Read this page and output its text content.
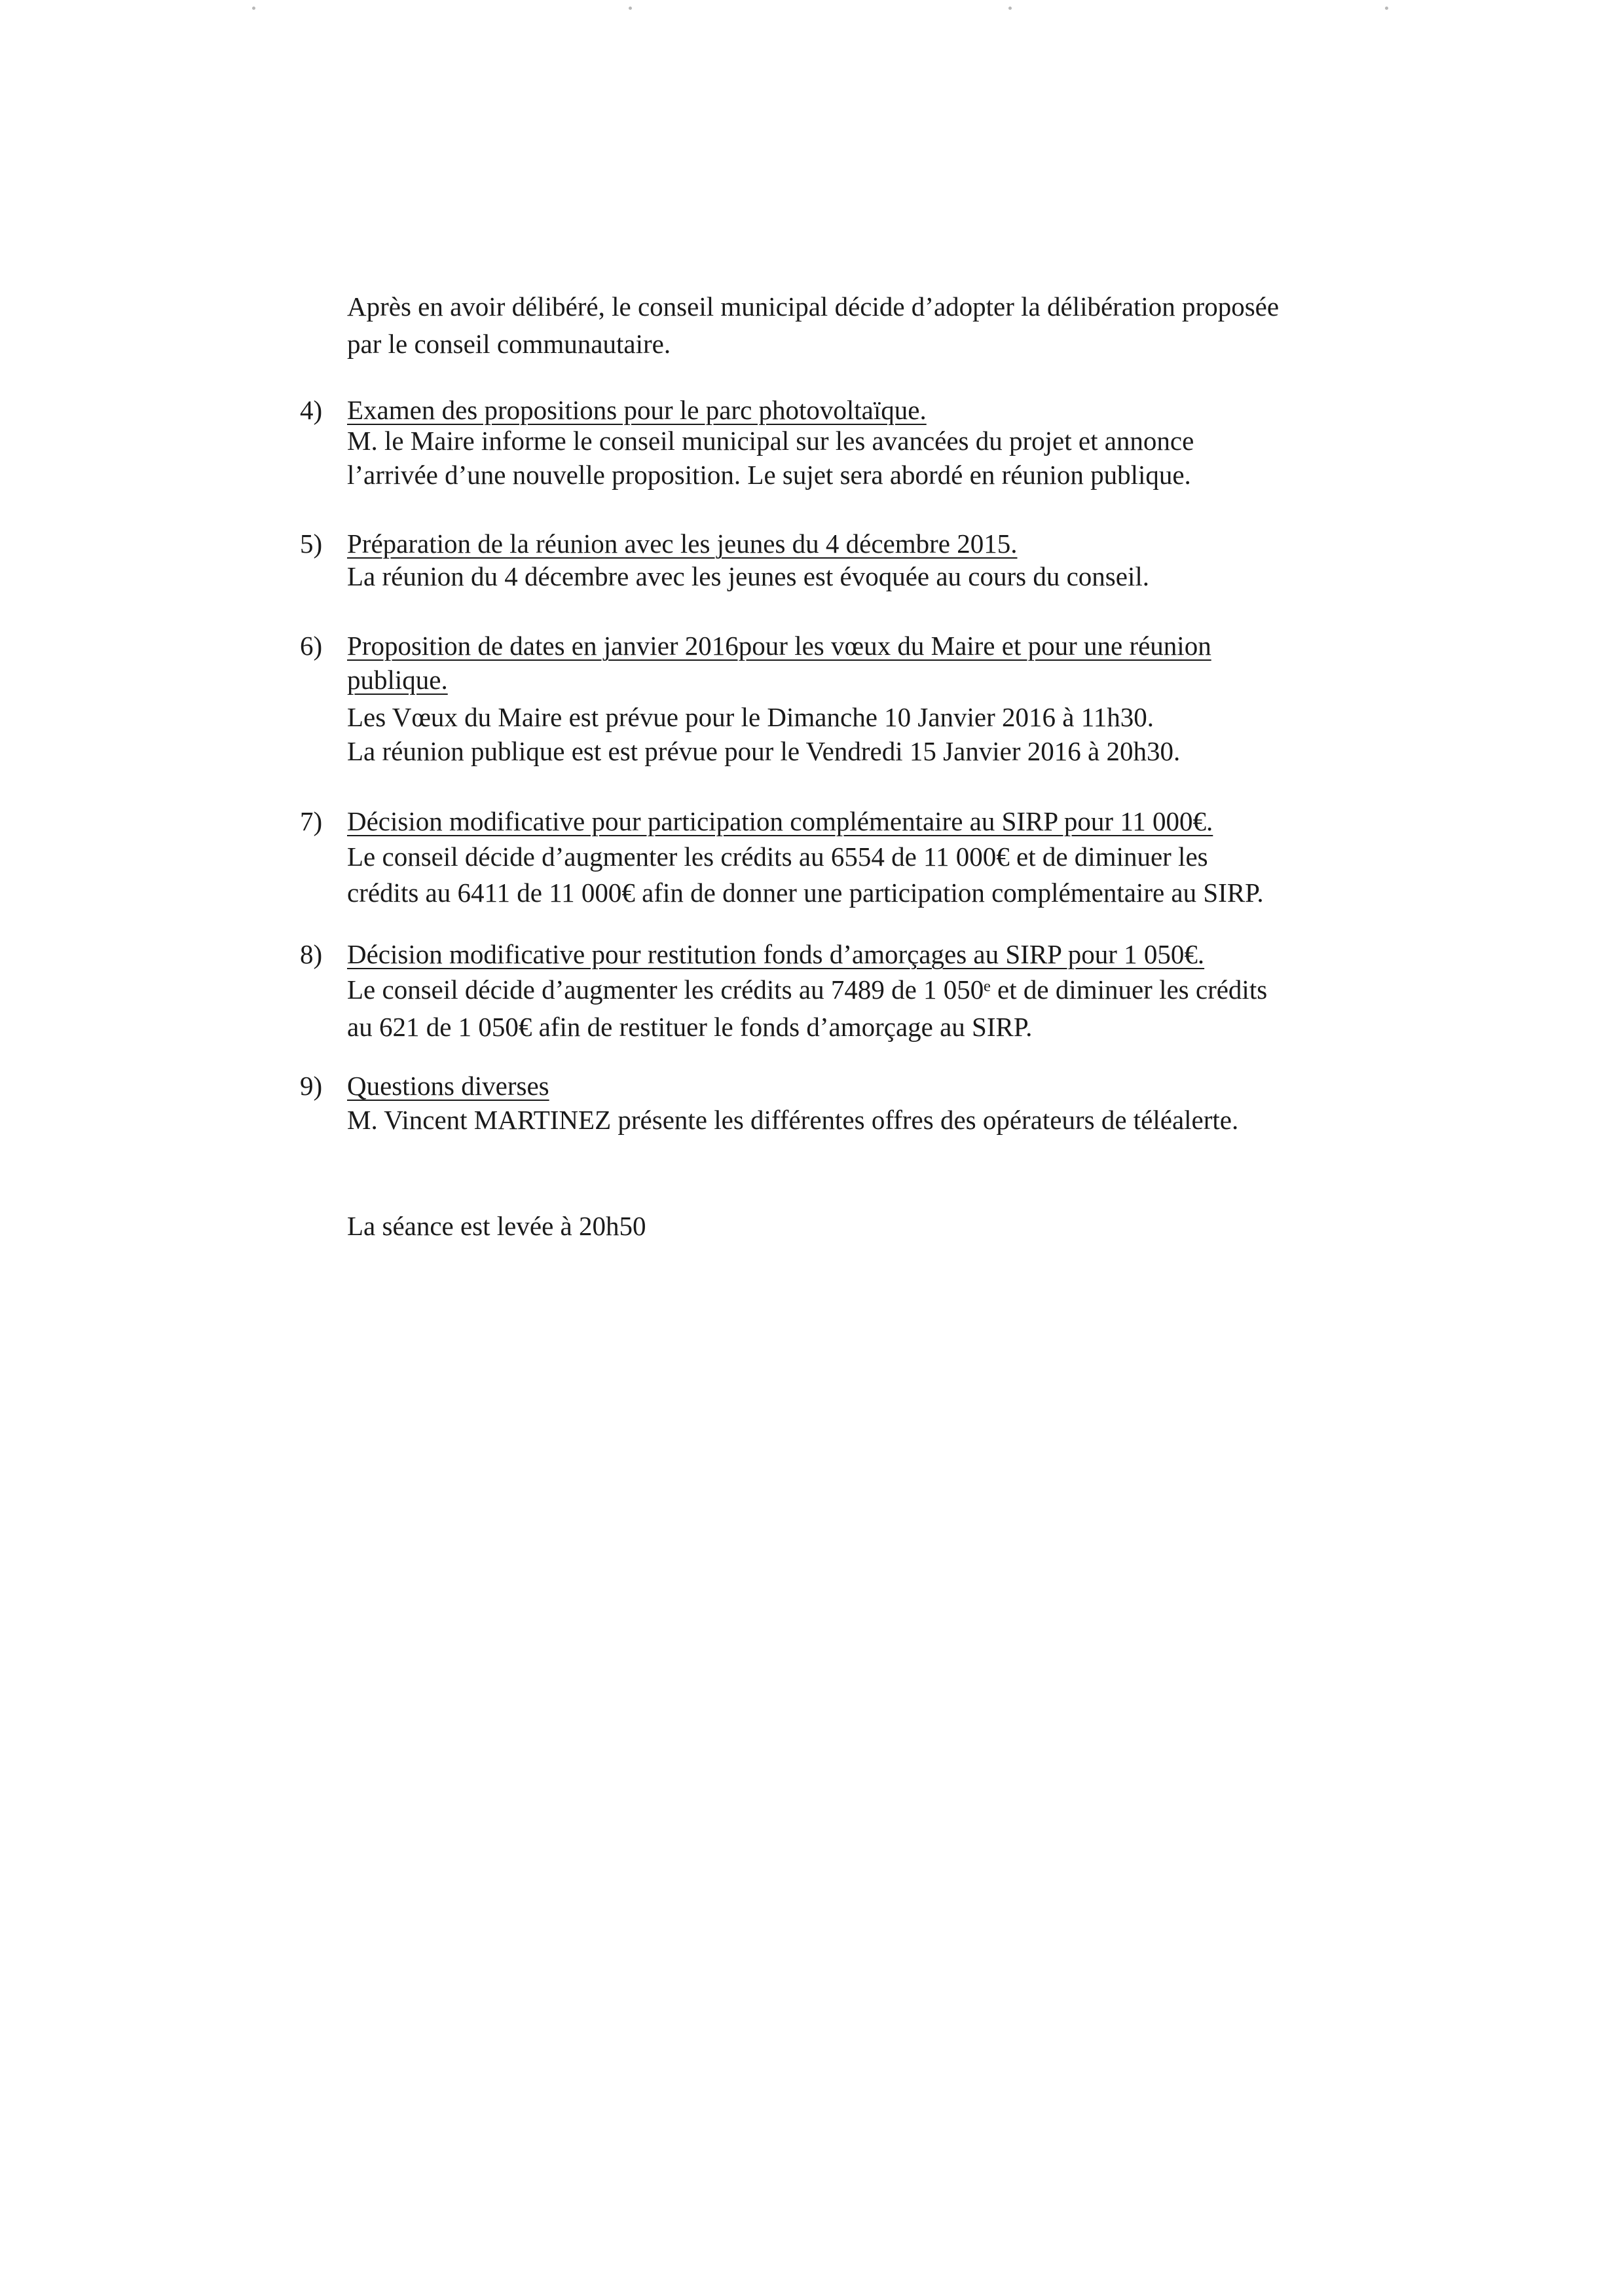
Après en avoir délibéré, le conseil municipal décide d’adopter la délibération proposée
par le conseil communautaire.
4) Examen des propositions pour le parc photovoltaïque.
M. le Maire informe le conseil municipal sur les avancées du projet et annonce
l’arrivée d’une nouvelle proposition. Le sujet sera abordé en réunion publique.
5) Préparation de la réunion avec les jeunes du 4 décembre 2015.
La réunion du 4 décembre avec les jeunes est évoquée au cours du conseil.
6) Proposition de dates en janvier 2016pour les vœux du Maire et pour une réunion
publique.
Les Vœux du Maire est prévue pour le Dimanche 10 Janvier 2016 à 11h30.
La réunion publique est est prévue pour le Vendredi 15 Janvier 2016 à 20h30.
7) Décision modificative pour participation complémentaire au SIRP pour 11 000€.
Le conseil décide d’augmenter les crédits au 6554 de 11 000€ et de diminuer les
crédits au 6411 de 11 000€ afin de donner une participation complémentaire au SIRP.
8) Décision modificative pour restitution fonds d’amorçages au SIRP pour 1 050€.
Le conseil décide d’augmenter les crédits au 7489 de 1 050ᵉ et de diminuer les crédits
au 621 de 1 050€ afin de restituer le fonds d’amorçage au SIRP.
9) Questions diverses
M. Vincent MARTINEZ présente les différentes offres des opérateurs de téléalerte.
La séance est levée à 20h50
